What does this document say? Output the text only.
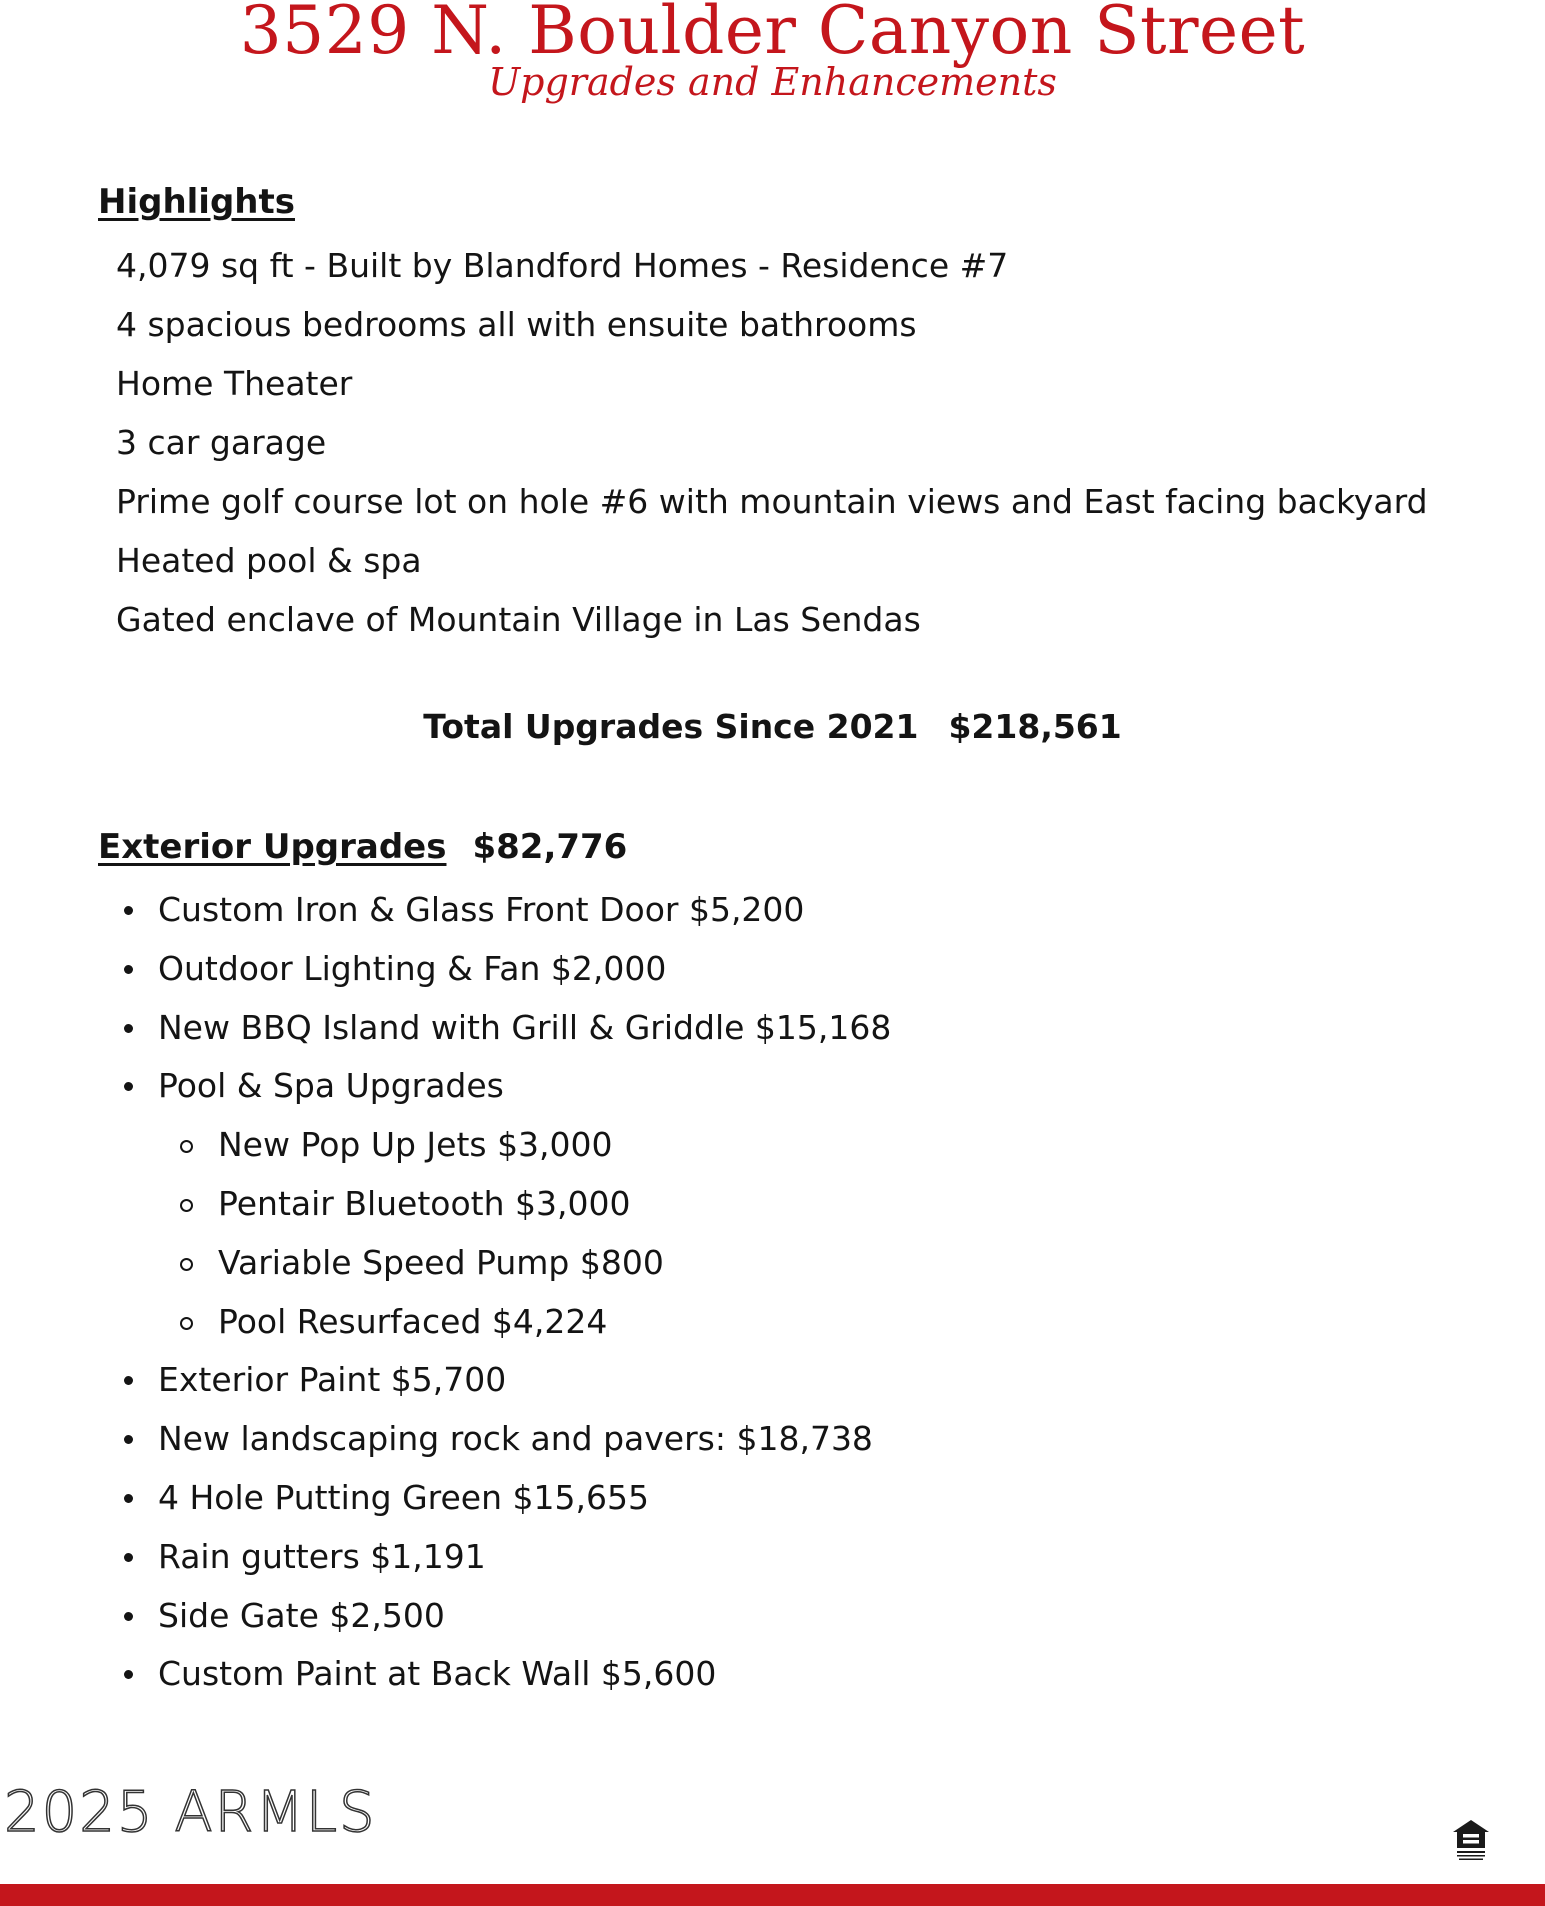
3529 N. Boulder Canyon Street
Upgrades and Enhancements
Highlights
4,079 sq ft - Built by Blandford Homes - Residence #7
4 spacious bedrooms all with ensuite bathrooms
Home Theater
3 car garage
Prime golf course lot on hole #6 with mountain views and East facing backyard
Heated pool & spa
Gated enclave of Mountain Village in Las Sendas
Total Upgrades Since 2021 $218,561
Exterior Upgrades $82,776
Custom Iron & Glass Front Door $5,200
Outdoor Lighting & Fan $2,000
New BBQ Island with Grill & Griddle $15,168
Pool & Spa Upgrades
New Pop Up Jets $3,000
Pentair Bluetooth $3,000
Variable Speed Pump $800
Pool Resurfaced $4,224
Exterior Paint $5,700
New landscaping rock and pavers: $18,738
4 Hole Putting Green $15,655
Rain gutters $1,191
Side Gate $2,500
Custom Paint at Back Wall $5,600
2025 ARMLS
